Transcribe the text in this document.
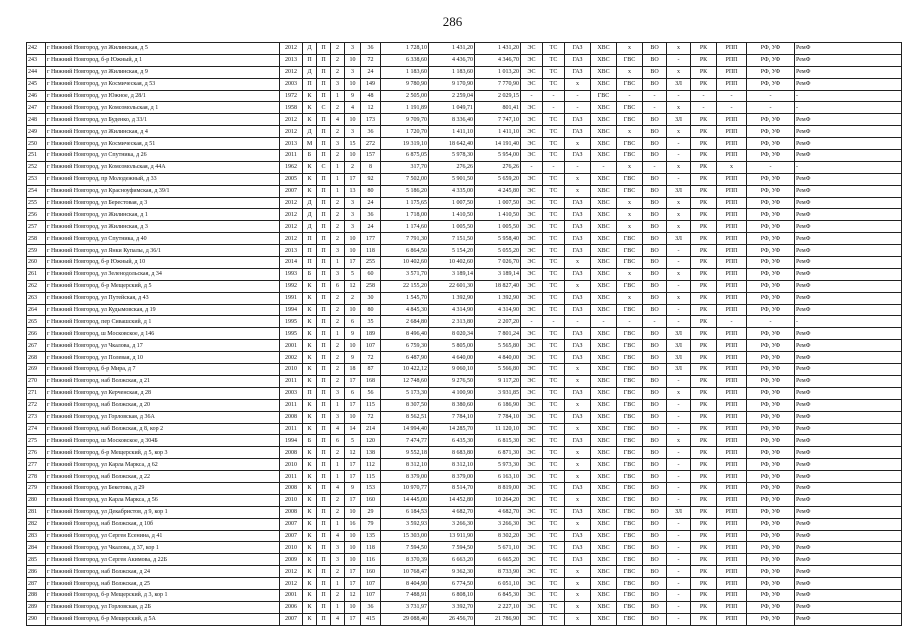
286
242	г Нижний Новгород, ул Жилинская, д 5	2012	Д	П	2	3	36	1 728,10	1 431,20	1 431,20	ЭС	ТС	ГАЗ	ХВС	х	ВО	х	РК	РПП	РФ, УФ	РемФ
243	г Нижний Новгород, б-р Южный, д 1	2013	П	П	2	10	72	6 338,60	4 436,70	4 346,70	ЭС	ТС	ГАЗ	ХВС	ГВС	ВО	-	РК	РПП	РФ, УФ	РемФ
244	г Нижний Новгород, ул Жилинская, д 9	2012	Д	П	2	3	24	1 183,60	1 183,60	1 013,20	ЭС	ТС	ГАЗ	ХВС	х	ВО	х	РК	РПП	РФ, УФ	РемФ
245	г Нижний Новгород, ул Космическая, д 53	2003	П	П	3	10	149	9 780,90	9 170,90	7 770,90	ЭС	ТС	х	ХВС	ГВС	ВО	ЗЛ	РК	РПП	РФ, УФ	РемФ
246	г Нижний Новгород, ул Южное, д 28/1	1972	К	П	1	9	48	2 505,00	2 259,04	2 029,15	-	-	-	ГВС	-	-	-	-	-	-	-
247	г Нижний Новгород, ул Комсомольская, д 1	1958	К	С	2	4	12	1 191,89	1 049,71	801,41	ЭС	-	-	ХВС	ГВС	-	х	-	-	-	-
248	г Нижний Новгород, ул Буденко, д 33/1	2012	К	П	4	10	173	9 709,70	8 336,40	7 747,10	ЭС	ТС	ГАЗ	ХВС	ГВС	ВО	ЗЛ	РК	РПП	РФ, УФ	РемФ
249	г Нижний Новгород, ул Жилинская, д 4	2012	Д	П	2	3	36	1 720,70	1 411,10	1 411,10	ЭС	ТС	ГАЗ	ХВС	х	ВО	х	РК	РПП	РФ, УФ	РемФ
250	г Нижний Новгород, ул Космическая, д 51	2013	М	П	3	15	272	19 319,10	18 642,40	14 191,40	ЭС	ТС	х	ХВС	ГВС	ВО	-	РК	РПП	РФ, УФ	РемФ
251	г Нижний Новгород, ул Спутника, д 26	2011	Б	П	2	10	157	6 875,05	5 978,30	5 954,00	ЭС	ТС	ГАЗ	ХВС	ГВС	ВО	-	РК	РПП	РФ, УФ	РемФ
252	г Нижний Новгород, ул Комсомольская, д 44А	1962	К	С	1	2	8	317,70	276,26	276,26	-	-	-	-	х	-	х	РК	х	-	-
253	г Нижний Новгород, пр Молодежный, д 33	2005	К	П	1	17	92	7 502,00	5 901,50	5 659,20	ЭС	ТС	х	ХВС	ГВС	ВО	-	РК	РПП	РФ, УФ	РемФ
254	г Нижний Новгород, ул Красноуфимская, д 39/1	2007	К	П	1	13	80	5 186,20	4 335,00	4 245,80	ЭС	ТС	х	ХВС	ГВС	ВО	ЗЛ	РК	РПП	РФ, УФ	РемФ
255	г Нижний Новгород, ул Берестовая, д 3	2012	Д	П	2	3	24	1 175,65	1 007,50	1 007,50	ЭС	ТС	ГАЗ	ХВС	х	ВО	х	РК	РПП	РФ, УФ	РемФ
256	г Нижний Новгород, ул Жилинская, д 1	2012	Д	П	2	3	36	1 718,00	1 410,50	1 410,50	ЭС	ТС	ГАЗ	ХВС	х	ВО	х	РК	РПП	РФ, УФ	РемФ
257	г Нижний Новгород, ул Жилинская, д 3	2012	Д	П	2	3	24	1 174,60	1 005,50	1 005,50	ЭС	ТС	ГАЗ	ХВС	х	ВО	х	РК	РПП	РФ, УФ	РемФ
258	г Нижний Новгород, ул Спутника, д 40	2012	П	П	2	10	177	7 791,30	7 151,50	5 958,40	ЭС	ТС	ГАЗ	ХВС	ГВС	ВО	ЗЛ	РК	РПП	РФ, УФ	РемФ
259	г Нижний Новгород, ул Янки Купалы, д 36/1	2013	П	П	3	10	118	6 864,50	5 154,20	5 055,20	ЭС	ТС	ГАЗ	ХВС	ГВС	ВО	-	РК	РПП	РФ, УФ	РемФ
260	г Нижний Новгород, б-р Южный, д 10	2014	П	П	1	17	255	10 402,60	10 402,60	7 026,70	ЭС	ТС	х	ХВС	ГВС	ВО	-	РК	РПП	РФ, УФ	РемФ
261	г Нижний Новгород, ул Зеленодольская, д 34	1993	Б	П	3	5	60	3 571,70	3 189,14	3 189,14	ЭС	ТС	ГАЗ	ХВС	х	ВО	х	РК	РПП	РФ, УФ	РемФ
262	г Нижний Новгород, б-р Мещерский, д 5	1992	К	П	6	12	258	22 155,20	22 601,30	18 827,40	ЭС	ТС	х	ХВС	ГВС	ВО	-	РК	РПП	РФ, УФ	РемФ
263	г Нижний Новгород, ул Путейская, д 43	1991	К	П	2	2	30	1 545,70	1 392,90	1 392,90	ЭС	ТС	ГАЗ	ХВС	х	ВО	х	РК	РПП	РФ, УФ	РемФ
264	г Нижний Новгород, ул Кудымовская, д 19	1994	К	П	2	10	80	4 845,30	4 314,90	4 314,90	ЭС	ТС	ГАЗ	ХВС	ГВС	ВО	-	РК	РПП	РФ, УФ	РемФ
265	г Нижний Новгород, пер Сивашский, д 1	1995	К	П	2	6	35	2 684,80	2 313,80	2 207,20	-	-	-	-	-	-	-	РК	-	-	-
266	г Нижний Новгород, ш Московское, д 146	1995	К	П	1	9	189	8 496,40	8 020,34	7 801,24	ЭС	ТС	ГАЗ	ХВС	ГВС	ВО	ЗЛ	РК	РПП	РФ, УФ	РемФ
267	г Нижний Новгород, ул Чкалова, д 17	2001	К	П	2	10	107	6 759,30	5 805,00	5 565,80	ЭС	ТС	ГАЗ	ХВС	ГВС	ВО	ЗЛ	РК	РПП	РФ, УФ	РемФ
268	г Нижний Новгород, ул Полевая, д 10	2002	К	П	2	9	72	6 487,90	4 640,00	4 840,00	ЭС	ТС	ГАЗ	ХВС	ГВС	ВО	ЗЛ	РК	РПП	РФ, УФ	РемФ
269	г Нижний Новгород, б-р Мира, д 7	2010	К	П	2	18	87	10 422,12	9 060,10	5 566,80	ЭС	ТС	х	ХВС	ГВС	ВО	ЗЛ	РК	РПП	РФ, УФ	РемФ
270	г Нижний Новгород, наб Волжская, д 21	2011	К	П	2	17	168	12 748,60	9 276,50	9 117,20	ЭС	ТС	х	ХВС	ГВС	ВО	-	РК	РПП	РФ, УФ	РемФ
271	г Нижний Новгород, ул Керченская, д 28	2003	П	П	3	6	56	5 173,30	4 100,90	3 931,85	ЭС	ТС	ГАЗ	ХВС	ГВС	ВО	х	РК	РПП	РФ, УФ	РемФ
272	г Нижний Новгород, наб Волжская, д 20	2011	К	П	1	17	115	8 307,50	8 380,60	6 186,90	ЭС	ТС	х	ХВС	ГВС	ВО	-	РК	РПП	РФ, УФ	РемФ
273	г Нижний Новгород, ул Горловская, д 36А	2008	К	П	3	10	72	8 562,51	7 784,10	7 784,10	ЭС	ТС	ГАЗ	ХВС	ГВС	ВО	-	РК	РПП	РФ, УФ	РемФ
274	г Нижний Новгород, наб Волжская, д 8, кор 2	2011	К	П	4	14	214	14 994,40	14 285,70	11 120,10	ЭС	ТС	х	ХВС	ГВС	ВО	-	РК	РПП	РФ, УФ	РемФ
275	г Нижний Новгород, ш Московское, д 304Б	1994	Б	П	6	5	120	7 474,77	6 435,30	6 815,30	ЭС	ТС	ГАЗ	ХВС	ГВС	ВО	х	РК	РПП	РФ, УФ	РемФ
276	г Нижний Новгород, б-р Мещерский, д 5, кор 3	2008	К	П	2	12	138	9 552,18	8 683,80	6 871,30	ЭС	ТС	х	ХВС	ГВС	ВО	-	РК	РПП	РФ, УФ	РемФ
277	г Нижний Новгород, ул Карла Маркса, д 62	2010	К	П	1	17	112	8 312,10	8 312,10	5 973,30	ЭС	ТС	х	ХВС	ГВС	ВО	-	РК	РПП	РФ, УФ	РемФ
278	г Нижний Новгород, наб Волжская, д 22	2011	К	П	1	17	115	8 379,00	8 379,00	6 163,10	ЭС	ТС	х	ХВС	ГВС	ВО	-	РК	РПП	РФ, УФ	РемФ
279	г Нижний Новгород, ул Бекетова, д 29	2008	К	П	4	9	153	10 970,77	8 514,70	8 819,00	ЭС	ТС	ГАЗ	ХВС	ГВС	ВО	-	РК	РПП	РФ, УФ	РемФ
280	г Нижний Новгород, ул Карла Маркса, д 56	2010	К	П	2	17	160	14 445,00	14 452,80	10 264,20	ЭС	ТС	х	ХВС	ГВС	ВО	-	РК	РПП	РФ, УФ	РемФ
281	г Нижний Новгород, ул Декабристов, д 9, кор 1	2008	К	П	2	10	29	6 184,53	4 682,70	4 682,70	ЭС	ТС	ГАЗ	ХВС	ГВС	ВО	ЗЛ	РК	РПП	РФ, УФ	РемФ
282	г Нижний Новгород, наб Волжская, д 10б	2007	К	П	1	16	79	3 592,93	3 266,30	3 266,30	ЭС	ТС	х	ХВС	ГВС	ВО	-	РК	РПП	РФ, УФ	РемФ
283	г Нижний Новгород, ул Сергея Есенина, д 41	2007	К	П	4	10	135	15 303,00	13 911,90	8 302,20	ЭС	ТС	ГАЗ	ХВС	ГВС	ВО	-	РК	РПП	РФ, УФ	РемФ
284	г Нижний Новгород, ул Чкалова, д 37, кор 1	2010	К	П	3	10	118	7 594,50	7 594,50	5 671,10	ЭС	ТС	ГАЗ	ХВС	ГВС	ВО	-	РК	РПП	РФ, УФ	РемФ
285	г Нижний Новгород, ул Сергея Акимова, д 22Б	2009	К	П	3	10	116	8 370,39	6 663,20	6 665,20	ЭС	ТС	ГАЗ	ХВС	ГВС	ВО	-	РК	РПП	РФ, УФ	РемФ
286	г Нижний Новгород, наб Волжская, д 24	2012	К	П	2	17	160	10 768,47	9 362,30	8 733,90	ЭС	ТС	х	ХВС	ГВС	ВО	-	РК	РПП	РФ, УФ	РемФ
287	г Нижний Новгород, наб Волжская, д 25	2012	К	П	1	17	107	8 404,90	6 774,50	6 051,10	ЭС	ТС	х	ХВС	ГВС	ВО	-	РК	РПП	РФ, УФ	РемФ
288	г Нижний Новгород, б-р Мещерский, д 3, кор 1	2001	К	П	2	12	107	7 488,91	6 808,10	6 845,30	ЭС	ТС	х	ХВС	ГВС	ВО	-	РК	РПП	РФ, УФ	РемФ
289	г Нижний Новгород, ул Горловская, д 2Б	2006	К	П	1	10	36	3 731,97	3 392,70	2 227,10	ЭС	ТС	х	ХВС	ГВС	ВО	-	РК	РПП	РФ, УФ	РемФ
290	г Нижний Новгород, б-р Мещерский, д 5А	2007	К	П	4	17	415	29 088,40	26 456,70	21 786,90	ЭС	ТС	х	ХВС	ГВС	ВО	-	РК	РПП	РФ, УФ	РемФ
